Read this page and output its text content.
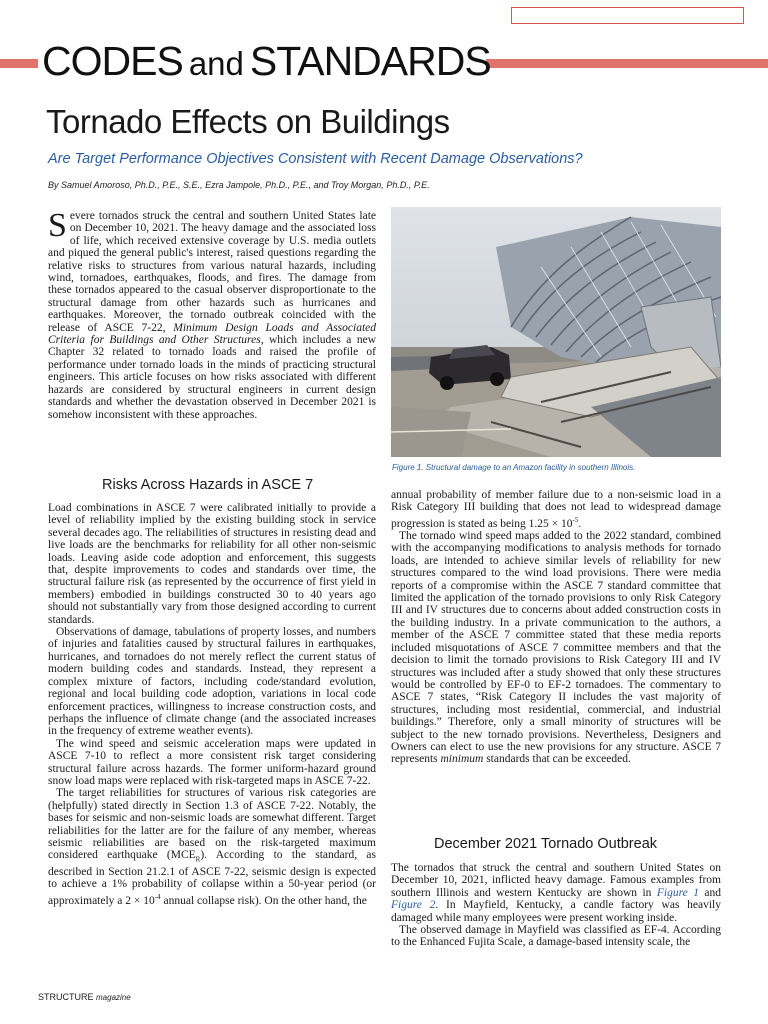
CODES and STANDARDS
Tornado Effects on Buildings
Are Target Performance Objectives Consistent with Recent Damage Observations?
By Samuel Amoroso, Ph.D., P.E., S.E., Ezra Jampole, Ph.D., P.E., and Troy Morgan, Ph.D., P.E.

Severe tornados struck the central and southern United States late on December 10, 2021. The heavy damage and the associated loss of life, which received extensive coverage by U.S. media outlets and piqued the general public's interest, raised questions regarding the relative risks to structures from various natural hazards, including wind, tornadoes, earthquakes, floods, and fires. The damage from these tornados appeared to the casual observer disproportionate to the structural damage from other hazards such as hurricanes and earthquakes. Moreover, the tornado outbreak coincided with the release of ASCE 7-22, Minimum Design Loads and Associated Criteria for Buildings and Other Structures, which includes a new Chapter 32 related to tornado loads and raised the profile of performance under tornado loads in the minds of practicing structural engineers. This article focuses on how risks associated with different hazards are considered by structural engineers in current design standards and whether the devastation observed in December 2021 is somehow inconsistent with these approaches.

Figure 1. Structural damage to an Amazon facility in southern Illinois.
Risks Across Hazards in ASCE 7

Load combinations in ASCE 7 were calibrated initially to provide a level of reliability implied by the existing building stock in service several decades ago. The reliabilities of structures in resisting dead and live loads are the benchmarks for reliability for all other non-seismic loads. Leaving aside code adoption and enforcement, this suggests that, despite improvements to codes and standards over time, the structural failure risk (as represented by the occurrence of first yield in members) embodied in buildings constructed 30 to 40 years ago should not substantially vary from those designed according to current standards.

Observations of damage, tabulations of property losses, and numbers of injuries and fatalities caused by structural failures in earthquakes, hurricanes, and tornadoes do not merely reflect the current status of modern building codes and standards. Instead, they represent a complex mixture of factors, including code/standard evolution, regional and local building code adoption, variations in local code enforcement practices, willingness to increase construction costs, and perhaps the influence of climate change (and the associated increases in the frequency of extreme weather events).

The wind speed and seismic acceleration maps were updated in ASCE 7-10 to reflect a more consistent risk target considering structural failure across hazards. The former uniform-hazard ground snow load maps were replaced with risk-targeted maps in ASCE 7-22.

The target reliabilities for structures of various risk categories are (helpfully) stated directly in Section 1.3 of ASCE 7-22. Notably, the bases for seismic and non-seismic loads are somewhat different. Target reliabilities for the latter are for the failure of any member, whereas seismic reliabilities are based on the risk-targeted maximum considered earthquake $(MCE_R)$. According to the standard, as described in Section 21.2.1 of ASCE 7-22, seismic design is expected to achieve a 1% probability of collapse within a 50-year period (or approximately a $2 \times 10^{-4}$ annual collapse risk). On the other hand, the

annual probability of member failure due to a non-seismic load in a Risk Category III building that does not lead to widespread damage progression is stated as being $1.25 \times 10^{-5}$.

The tornado wind speed maps added to the 2022 standard, combined with the accompanying modifications to analysis methods for tornado loads, are intended to achieve similar levels of reliability for new structures compared to the wind load provisions. There were media reports of a compromise within the ASCE 7 standard committee that limited the application of the tornado provisions to only Risk Category III and IV structures due to concerns about added construction costs in the building industry. In a private communication to the authors, a member of the ASCE 7 committee stated that these media reports included misquotations of ASCE 7 committee members and that the decision to limit the tornado provisions to Risk Category III and IV structures was included after a study showed that only these structures would be controlled by EF-0 to EF-2 tornadoes. The commentary to ASCE 7 states, “Risk Category II includes the vast majority of structures, including most residential, commercial, and industrial buildings.” Therefore, only a small minority of structures will be subject to the new tornado provisions. Nevertheless, Designers and Owners can elect to use the new provisions for any structure. ASCE 7 represents minimum standards that can be exceeded.

December 2021 Tornado Outbreak

The tornados that struck the central and southern United States on December 10, 2021, inflicted heavy damage. Famous examples from southern Illinois and western Kentucky are shown in Figure 1 and Figure 2. In Mayfield, Kentucky, a candle factory was heavily damaged while many employees were present working inside.

The observed damage in Mayfield was classified as EF-4. According to the Enhanced Fujita Scale, a damage-based intensity scale, the

STRUCTURE magazine
